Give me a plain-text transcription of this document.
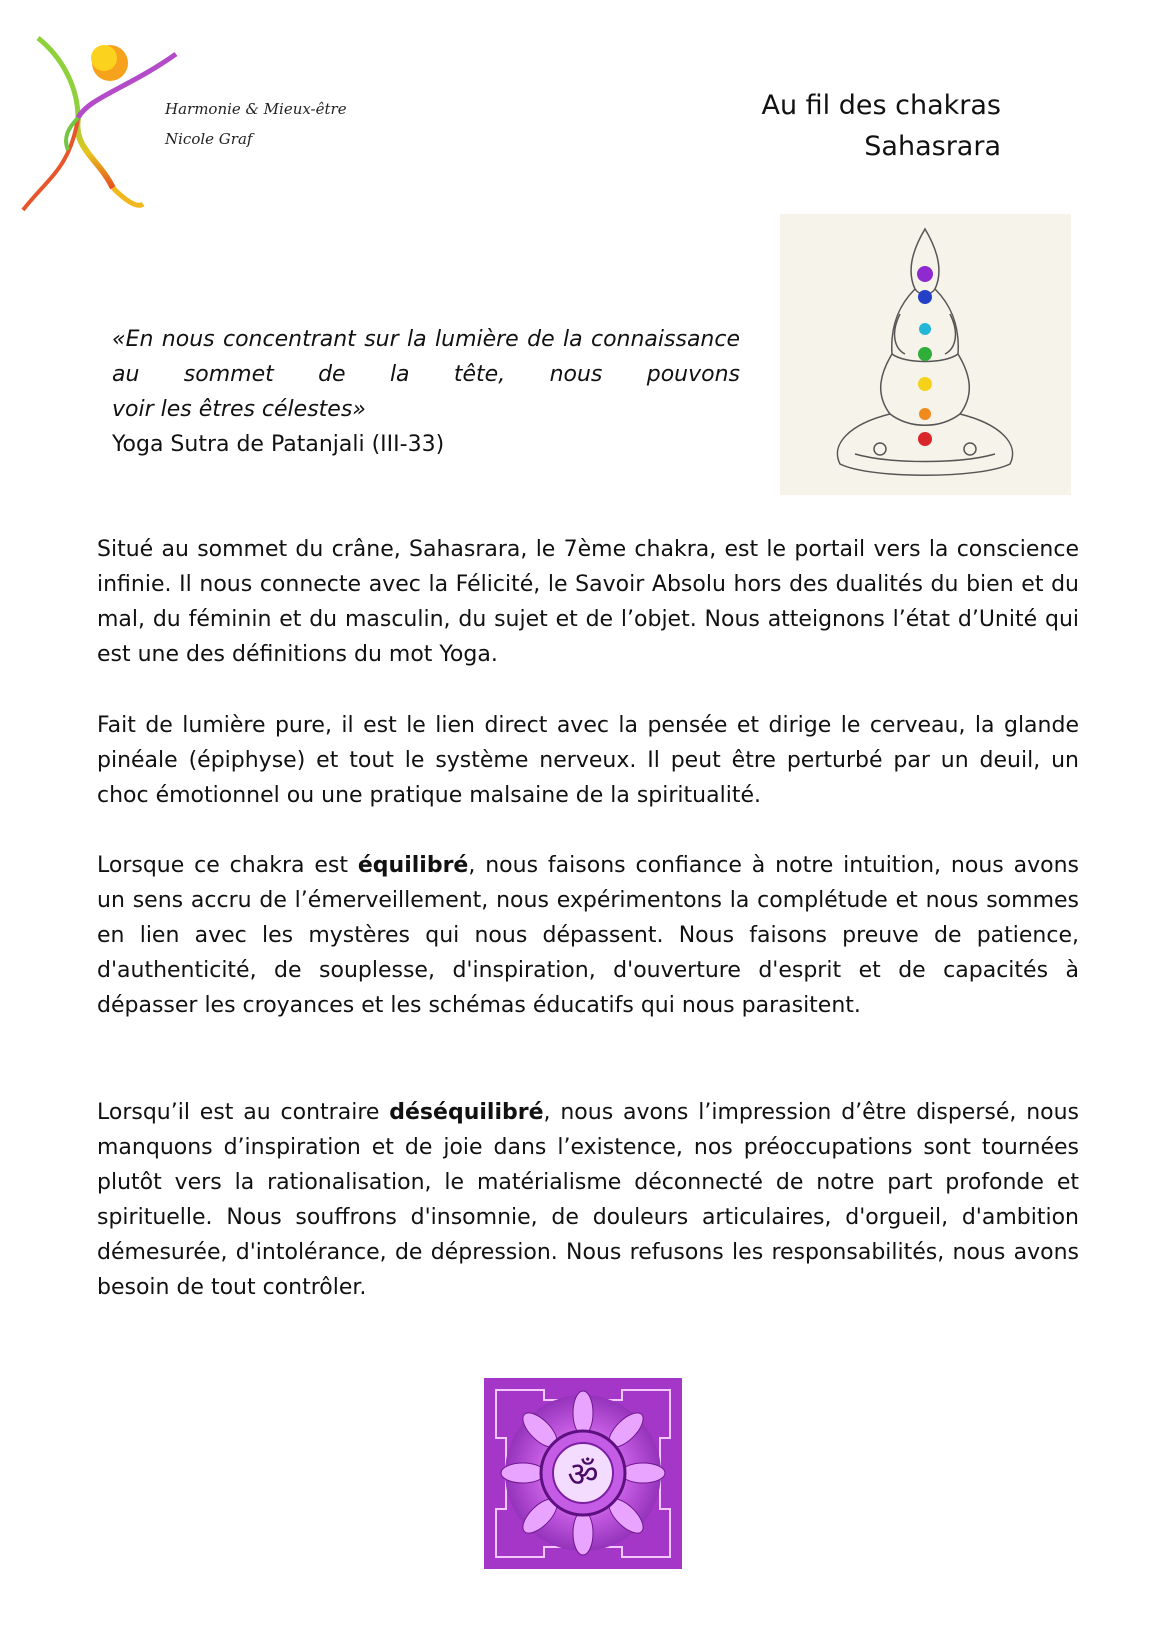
Harmonie & Mieux-être
Nicole Graf
Au fil des chakras
Sahasrara
«En nous concentrant sur la lumière de la connaissance au sommet de la tête, nous pouvons
voir les êtres célestes»
Yoga Sutra de Patanjali (III-33)
Situé au sommet du crâne, Sahasrara, le 7ème chakra, est le portail vers la conscience infinie. Il nous connecte avec la Félicité, le Savoir Absolu hors des dualités du bien et du mal, du féminin et du masculin, du sujet et de l’objet. Nous atteignons l’état d’Unité qui est une des définitions du mot Yoga.
Fait de lumière pure, il est le lien direct avec la pensée et dirige le cerveau, la glande pinéale (épiphyse) et tout le système nerveux. Il peut être perturbé par un deuil, un choc émotionnel ou une pratique malsaine de la spiritualité.
Lorsque ce chakra est équilibré, nous faisons confiance à notre intuition, nous avons un sens accru de l’émerveillement, nous expérimentons la complétude et nous sommes en lien avec les mystères qui nous dépassent. Nous faisons preuve de patience, d'authenticité, de souplesse, d'inspiration, d'ouverture d'esprit et de capacités à dépasser les croyances et les schémas éducatifs qui nous parasitent.
Lorsqu’il est au contraire déséquilibré, nous avons l’impression d’être dispersé, nous manquons d’inspiration et de joie dans l’existence, nos préoccupations sont tournées plutôt vers la rationalisation, le matérialisme déconnecté de notre part profonde et spirituelle. Nous souffrons d'insomnie, de douleurs articulaires, d'orgueil, d'ambition démesurée, d'intolérance, de dépression. Nous refusons les responsabilités, nous avons besoin de tout contrôler.
ॐ
